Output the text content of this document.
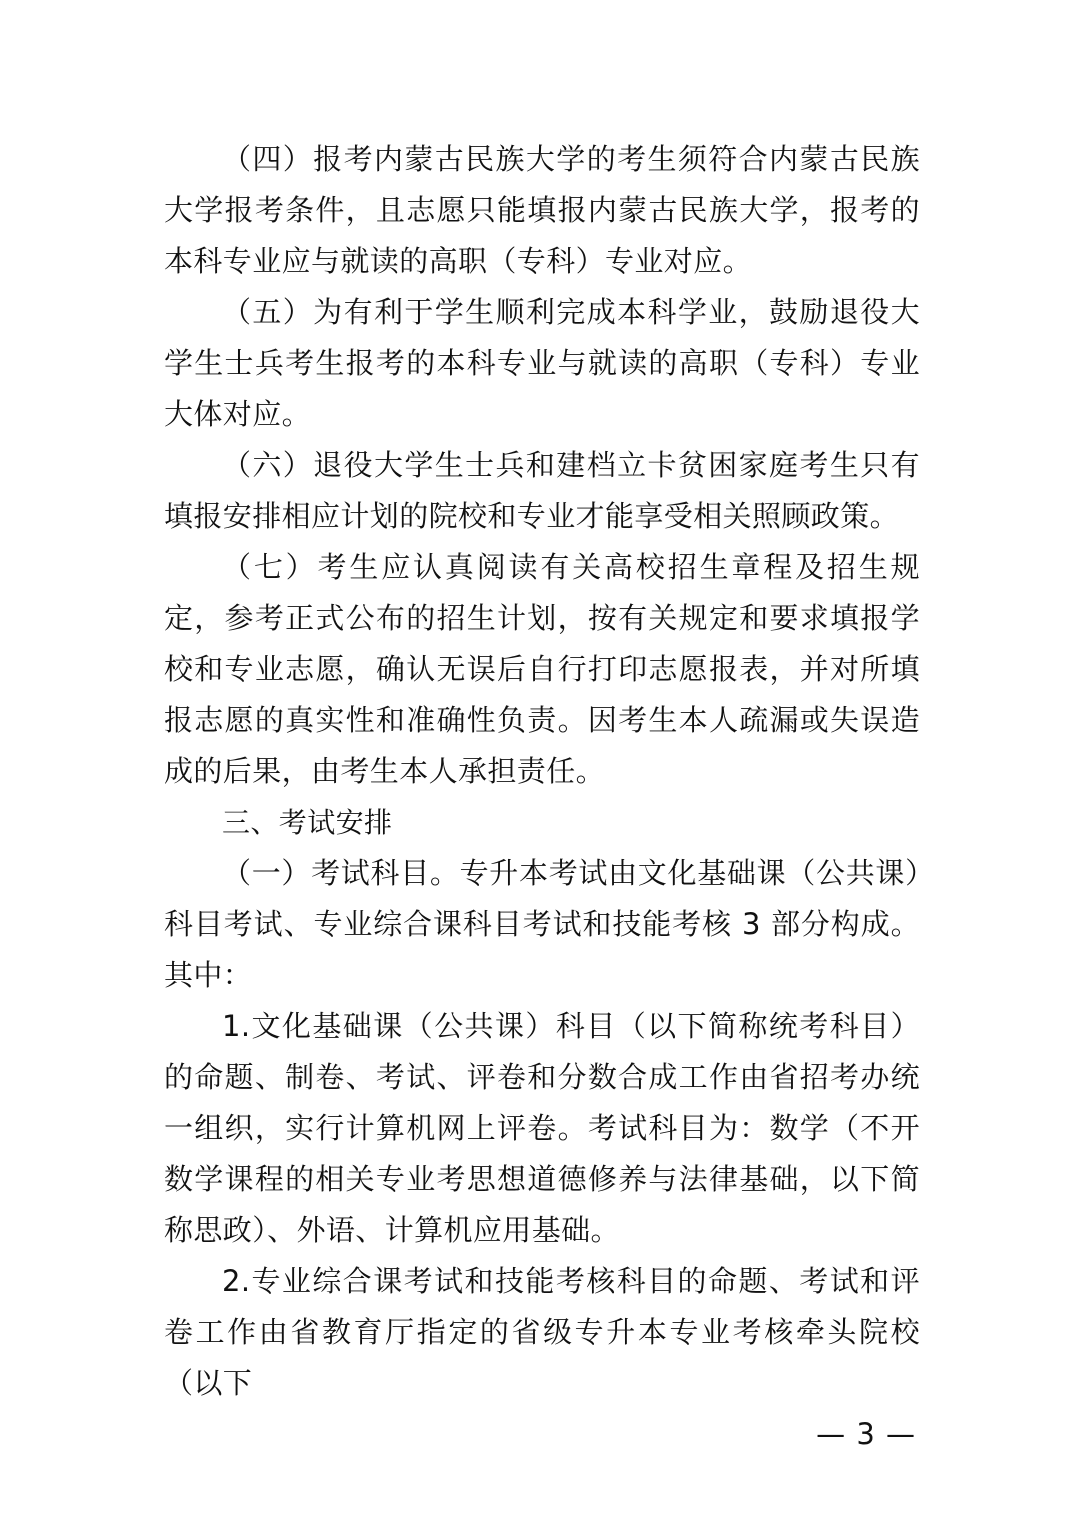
（四）报考内蒙古民族大学的考生须符合内蒙古民族大学报考条件，且志愿只能填报内蒙古民族大学，报考的本科专业应与就读的高职（专科）专业对应。

（五）为有利于学生顺利完成本科学业，鼓励退役大学生士兵考生报考的本科专业与就读的高职（专科）专业大体对应。

（六）退役大学生士兵和建档立卡贫困家庭考生只有填报安排相应计划的院校和专业才能享受相关照顾政策。

（七）考生应认真阅读有关高校招生章程及招生规定，参考正式公布的招生计划，按有关规定和要求填报学校和专业志愿，确认无误后自行打印志愿报表，并对所填报志愿的真实性和准确性负责。因考生本人疏漏或失误造成的后果，由考生本人承担责任。

三、考试安排

（一）考试科目。专升本考试由文化基础课（公共课）科目考试、专业综合课科目考试和技能考核 3 部分构成。其中：

1.文化基础课（公共课）科目（以下简称统考科目）的命题、制卷、考试、评卷和分数合成工作由省招考办统一组织，实行计算机网上评卷。考试科目为：数学（不开数学课程的相关专业考思想道德修养与法律基础，以下简称思政）、外语、计算机应用基础。

2.专业综合课考试和技能考核科目的命题、考试和评卷工作由省教育厅指定的省级专升本专业考核牵头院校（以下

— 3 —
